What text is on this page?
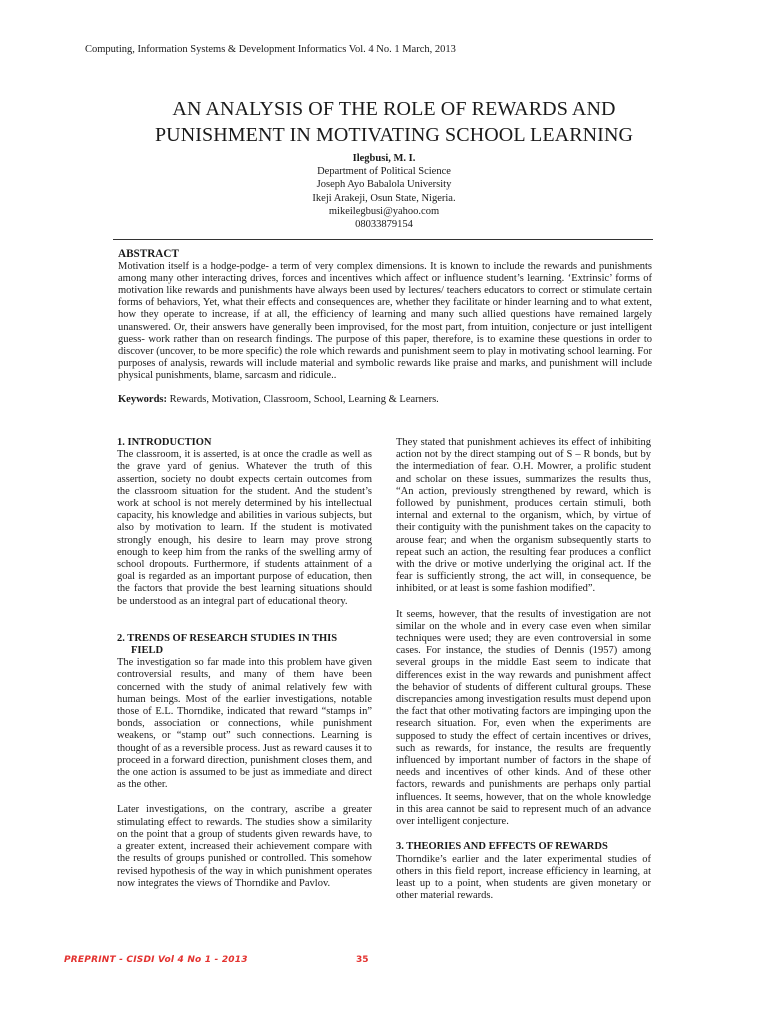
Computing, Information Systems & Development Informatics Vol. 4 No. 1 March, 2013
AN ANALYSIS OF THE ROLE OF REWARDS AND
PUNISHMENT IN MOTIVATING SCHOOL LEARNING
Ilegbusi, M. I.
Department of Political Science
Joseph Ayo Babalola University
Ikeji Arakeji, Osun State, Nigeria.
mikeilegbusi@yahoo.com
08033879154
ABSTRACT
Motivation itself is a hodge-podge- a term of very complex dimensions. It is known to include the rewards and punishments among many other interacting drives, forces and incentives which affect or influence student’s learning. ‘Extrinsic’ forms of motivation like rewards and punishments have always been used by lectures/ teachers educators to correct or stimulate certain forms of behaviors, Yet, what their effects and consequences are, whether they facilitate or hinder learning and to what extent, how they operate to increase, if at all, the efficiency of learning and many such allied questions have remained largely unanswered. Or, their answers have generally been improvised, for the most part, from intuition, conjecture or just intelligent guess- work rather than on research findings. The purpose of this paper, therefore, is to examine these questions in order to discover (uncover, to be more specific) the role which rewards and punishment seem to play in motivating school learning. For purposes of analysis, rewards will include material and symbolic rewards like praise and marks, and punishment will include physical punishments, blame, sarcasm and ridicule..
Keywords: Rewards, Motivation, Classroom, School, Learning & Learners.
1. INTRODUCTION

The classroom, it is asserted, is at once the cradle as well as the grave yard of genius. Whatever the truth of this assertion, society no doubt expects certain outcomes from the classroom situation for the student. And the student’s work at school is not merely determined by his intellectual capacity, his knowledge and abilities in various subjects, but also by motivation to learn. If the student is motivated strongly enough, his desire to learn may prove strong enough to keep him from the ranks of the swelling army of school dropouts. Furthermore, if students attainment of a goal is regarded as an important purpose of education, then the factors that provide the best learning situations should be understood as an integral part of educational theory.

2. TRENDS OF RESEARCH STUDIES IN THIS
FIELD

The investigation so far made into this problem have given controversial results, and many of them have been concerned with the study of animal relatively few with human beings. Most of the earlier investigations, notable those of E.L. Thorndike, indicated that reward “stamps in” bonds, association or connections, while punishment weakens, or “stamp out” such connections. Learning is thought of as a reversible process. Just as reward causes it to proceed in a forward direction, punishment closes them, and the one action is assumed to be just as immediate and direct as the other.

Later investigations, on the contrary, ascribe a greater stimulating effect to rewards. The studies show a similarity on the point that a group of students given rewards have, to a greater extent, increased their achievement compare with the results of groups punished or controlled. This somehow revised hypothesis of the way in which punishment operates now integrates the views of Thorndike and Pavlov.

They stated that punishment achieves its effect of inhibiting action not by the direct stamping out of S – R bonds, but by the intermediation of fear. O.H. Mowrer, a prolific student and scholar on these issues, summarizes the results thus, “An action, previously strengthened by reward, which is followed by punishment, produces certain stimuli, both internal and external to the organism, which, by virtue of their contiguity with the punishment takes on the capacity to arouse fear; and when the organism subsequently starts to repeat such an action, the resulting fear produces a conflict with the drive or motive underlying the original act. If the fear is sufficiently strong, the act will, in consequence, be inhibited, or at least is some fashion modified”.

It seems, however, that the results of investigation are not similar on the whole and in every case even when similar techniques were used; they are even controversial in some cases. For instance, the studies of Dennis (1957) among several groups in the middle East seem to indicate that differences exist in the way rewards and punishment affect the behavior of students of different cultural groups. These discrepancies among investigation results must depend upon the fact that other motivating factors are impinging upon the research situation. For, even when the experiments are supposed to study the effect of certain incentives or drives, such as rewards, for instance, the results are frequently influenced by important number of factors in the shape of needs and incentives of other kinds. And of these other factors, rewards and punishments are perhaps only partial influences. It seems, however, that on the whole knowledge in this area cannot be said to represent much of an advance over intelligent conjecture.

3. THEORIES AND EFFECTS OF REWARDS

Thorndike’s earlier and the later experimental studies of others in this field report, increase efficiency in learning, at least up to a point, when students are given monetary or other material rewards.

PREPRINT - CISDI Vol 4 No 1 - 2013	35
